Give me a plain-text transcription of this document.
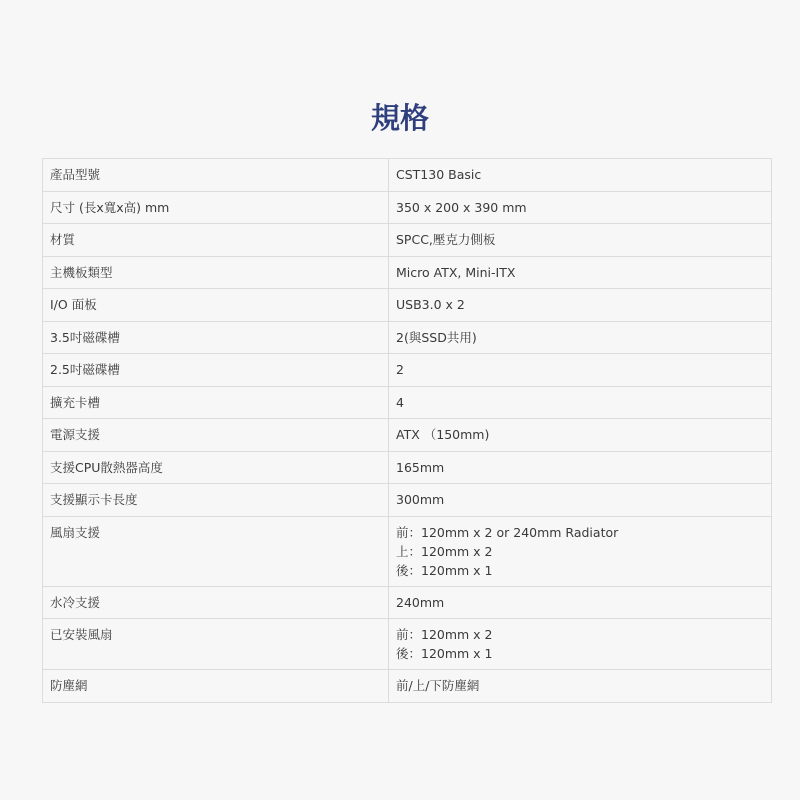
規格
產品型號	CST130 Basic

尺寸 (長x寬x高) mm	350 x 200 x 390 mm

材質	SPCC,壓克力側板

主機板類型	Micro ATX, Mini-ITX

I/O 面板	USB3.0 x 2

3.5吋磁碟槽	2(與SSD共用)

2.5吋磁碟槽	2

擴充卡槽	4

電源支援	ATX （150mm)

支援CPU散熱器高度	165mm

支援顯示卡長度	300mm

風扇支援	前：120mm x 2 or 240mm Radiator
上：120mm x 2
後：120mm x 1

水冷支援	240mm

已安裝風扇	前：120mm x 2
後：120mm x 1

防塵網	前/上/下防塵網
